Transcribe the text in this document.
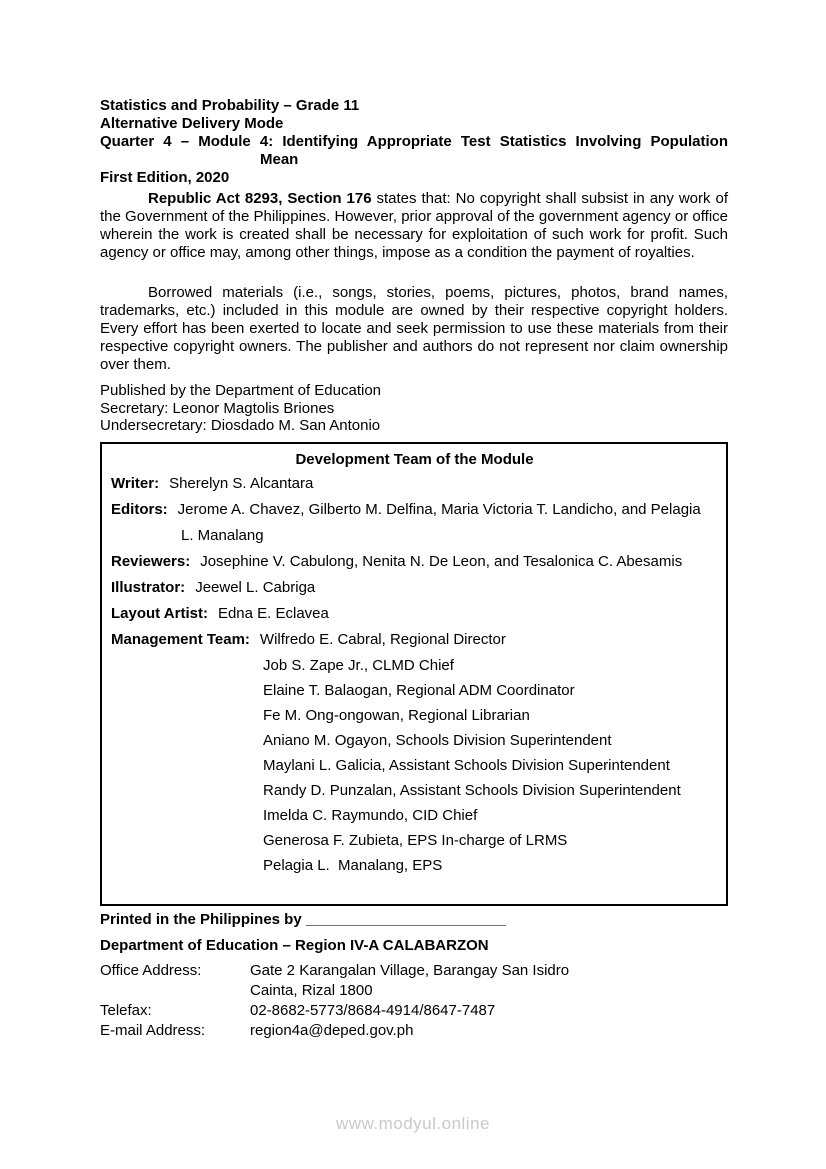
Statistics and Probability – Grade 11
Alternative Delivery Mode
Quarter 4 – Module 4: Identifying Appropriate Test Statistics Involving Population
Mean
First Edition, 2020
Republic Act 8293, Section 176 states that: No copyright shall subsist in any work of the Government of the Philippines. However, prior approval of the government agency or office wherein the work is created shall be necessary for exploitation of such work for profit. Such agency or office may, among other things, impose as a condition the payment of royalties.
Borrowed materials (i.e., songs, stories, poems, pictures, photos, brand names, trademarks, etc.) included in this module are owned by their respective copyright holders. Every effort has been exerted to locate and seek permission to use these materials from their respective copyright owners. The publisher and authors do not represent nor claim ownership over them.
Published by the Department of Education
Secretary: Leonor Magtolis Briones
Undersecretary: Diosdado M. San Antonio
Development Team of the Module
Writer: Sherelyn S. Alcantara
Editors: Jerome A. Chavez, Gilberto M. Delfina, Maria Victoria T. Landicho, and Pelagia
L. Manalang
Reviewers: Josephine V. Cabulong, Nenita N. De Leon, and Tesalonica C. Abesamis
Illustrator: Jeewel L. Cabriga
Layout Artist: Edna E. Eclavea
Management Team: Wilfredo E. Cabral, Regional Director
Job S. Zape Jr., CLMD Chief
Elaine T. Balaogan, Regional ADM Coordinator
Fe M. Ong-ongowan, Regional Librarian
Aniano M. Ogayon, Schools Division Superintendent
Maylani L. Galicia, Assistant Schools Division Superintendent
Randy D. Punzalan, Assistant Schools Division Superintendent
Imelda C. Raymundo, CID Chief
Generosa F. Zubieta, EPS In-charge of LRMS
Pelagia L.  Manalang, EPS
Printed in the Philippines by ________________________
Department of Education – Region IV-A CALABARZON
Office Address:	Gate 2 Karangalan Village, Barangay San Isidro
Cainta, Rizal 1800
Telefax:	02-8682-5773/8684-4914/8647-7487
E-mail Address:	region4a@deped.gov.ph
www.modyul.online
